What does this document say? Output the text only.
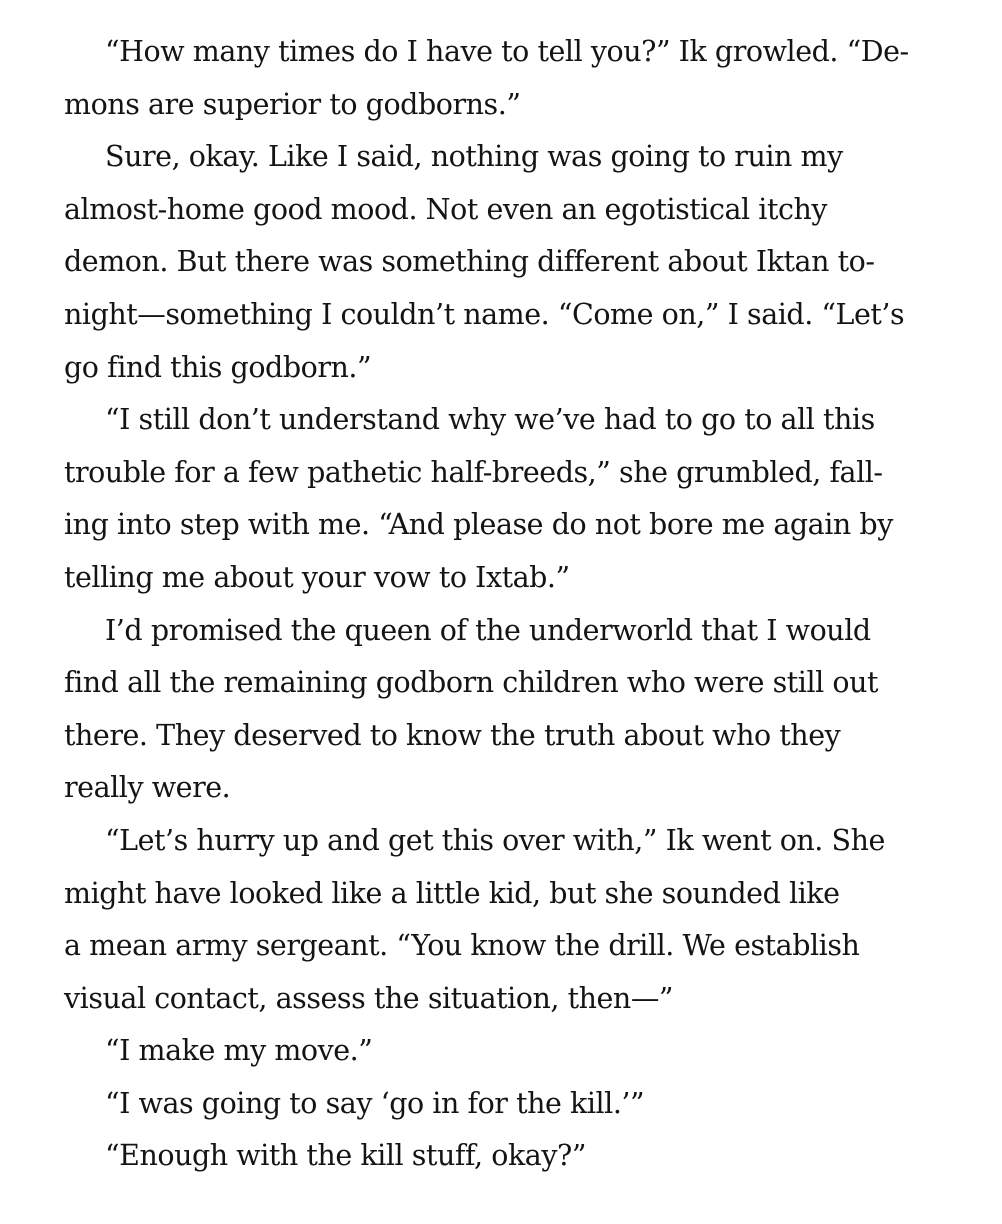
“How many times do I have to tell you?” Ik growled. “De-
mons are superior to godborns.”
Sure, okay. Like I said, nothing was going to ruin my
almost-home good mood. Not even an egotistical itchy
demon. But there was something different about Iktan to-
night—something I couldn’t name. “Come on,” I said. “Let’s
go find this godborn.”
“I still don’t understand why we’ve had to go to all this
trouble for a few pathetic half-breeds,” she grumbled, fall-
ing into step with me. “And please do not bore me again by
telling me about your vow to Ixtab.”
I’d promised the queen of the underworld that I would
find all the remaining godborn children who were still out
there. They deserved to know the truth about who they
really were.
“Let’s hurry up and get this over with,” Ik went on. She
might have looked like a little kid, but she sounded like
a mean army sergeant. “You know the drill. We establish
visual contact, assess the situation, then—”
“I make my move.”
“I was going to say ‘go in for the kill.’”
“Enough with the kill stuff, okay?”
